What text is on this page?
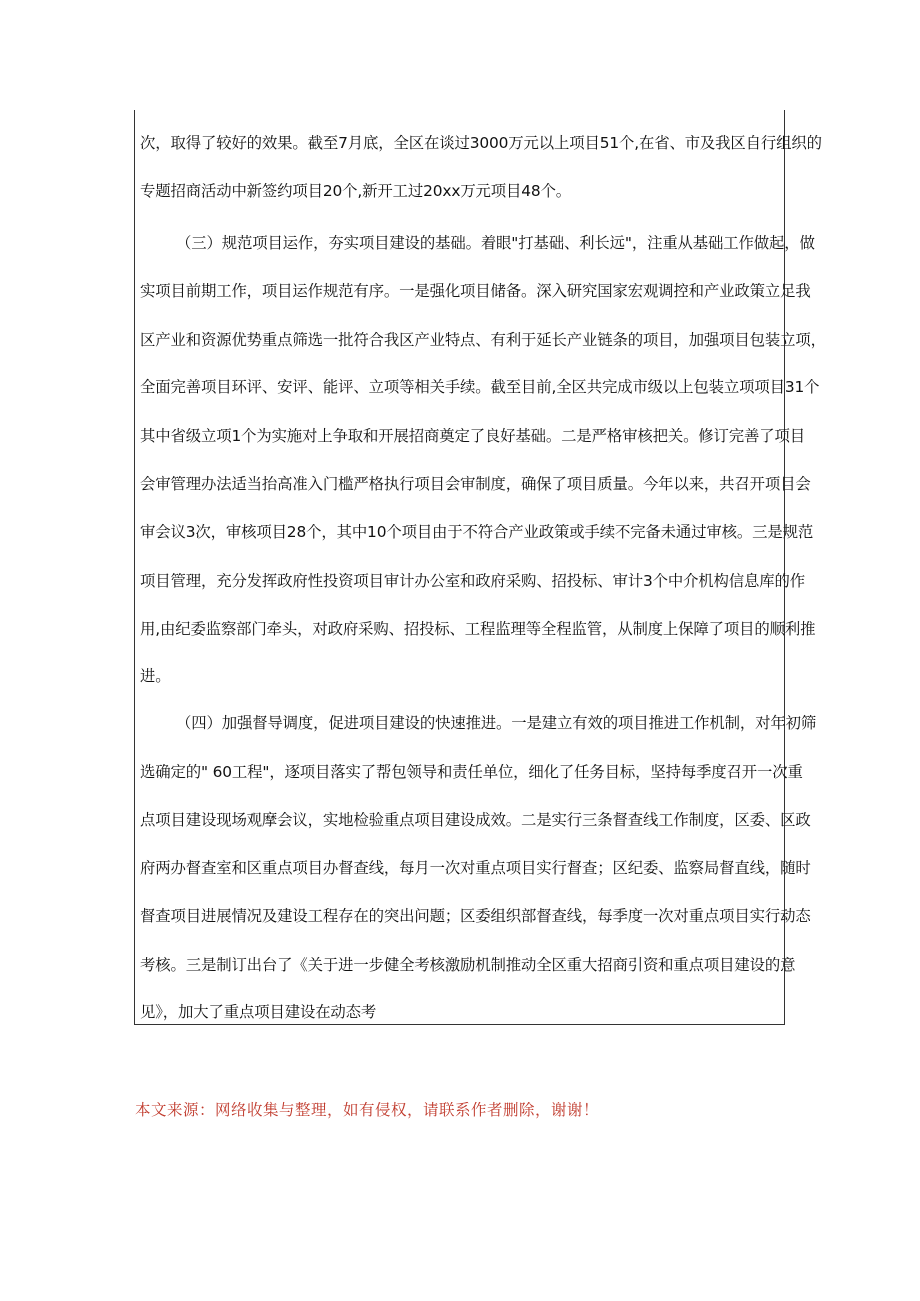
次，取得了较好的效果。截至7月底，全区在谈过3000万元以上项目51个,在省、市及我区自行组织的
专题招商活动中新签约项目20个,新开工过20xx万元项目48个。
（三）规范项目运作，夯实项目建设的基础。着眼"打基础、利长远"，注重从基础工作做起，做
实项目前期工作，项目运作规范有序。一是强化项目储备。深入研究国家宏观调控和产业政策立足我
区产业和资源优势重点筛选一批符合我区产业特点、有利于延长产业链条的项目，加强项目包装立项，
全面完善项目环评、安评、能评、立项等相关手续。截至目前,全区共完成市级以上包装立项项目31个
其中省级立项1个为实施对上争取和开展招商奠定了良好基础。二是严格审核把关。修订完善了项目
会审管理办法适当抬高准入门槛严格执行项目会审制度，确保了项目质量。今年以来，共召开项目会
审会议3次，审核项目28个，其中10个项目由于不符合产业政策或手续不完备未通过审核。三是规范
项目管理，充分发挥政府性投资项目审计办公室和政府采购、招投标、审计3个中介机构信息库的作
用,由纪委监察部门牵头，对政府采购、招投标、工程监理等全程监管，从制度上保障了项目的顺利推
进。
（四）加强督导调度，促进项目建设的快速推进。一是建立有效的项目推进工作机制，对年初筛
选确定的" 60工程"，逐项目落实了帮包领导和责任单位，细化了任务目标，坚持每季度召开一次重
点项目建设现场观摩会议，实地检验重点项目建设成效。二是实行三条督查线工作制度，区委、区政
府两办督查室和区重点项目办督查线，每月一次对重点项目实行督查；区纪委、监察局督直线，随时
督查项目进展情况及建设工程存在的突出问题；区委组织部督查线，每季度一次对重点项目实行动态
考核。三是制订出台了《关于进一步健全考核激励机制推动全区重大招商引资和重点项目建设的意
见》，加大了重点项目建设在动态考
本文来源：网络收集与整理，如有侵权，请联系作者删除，谢谢！
